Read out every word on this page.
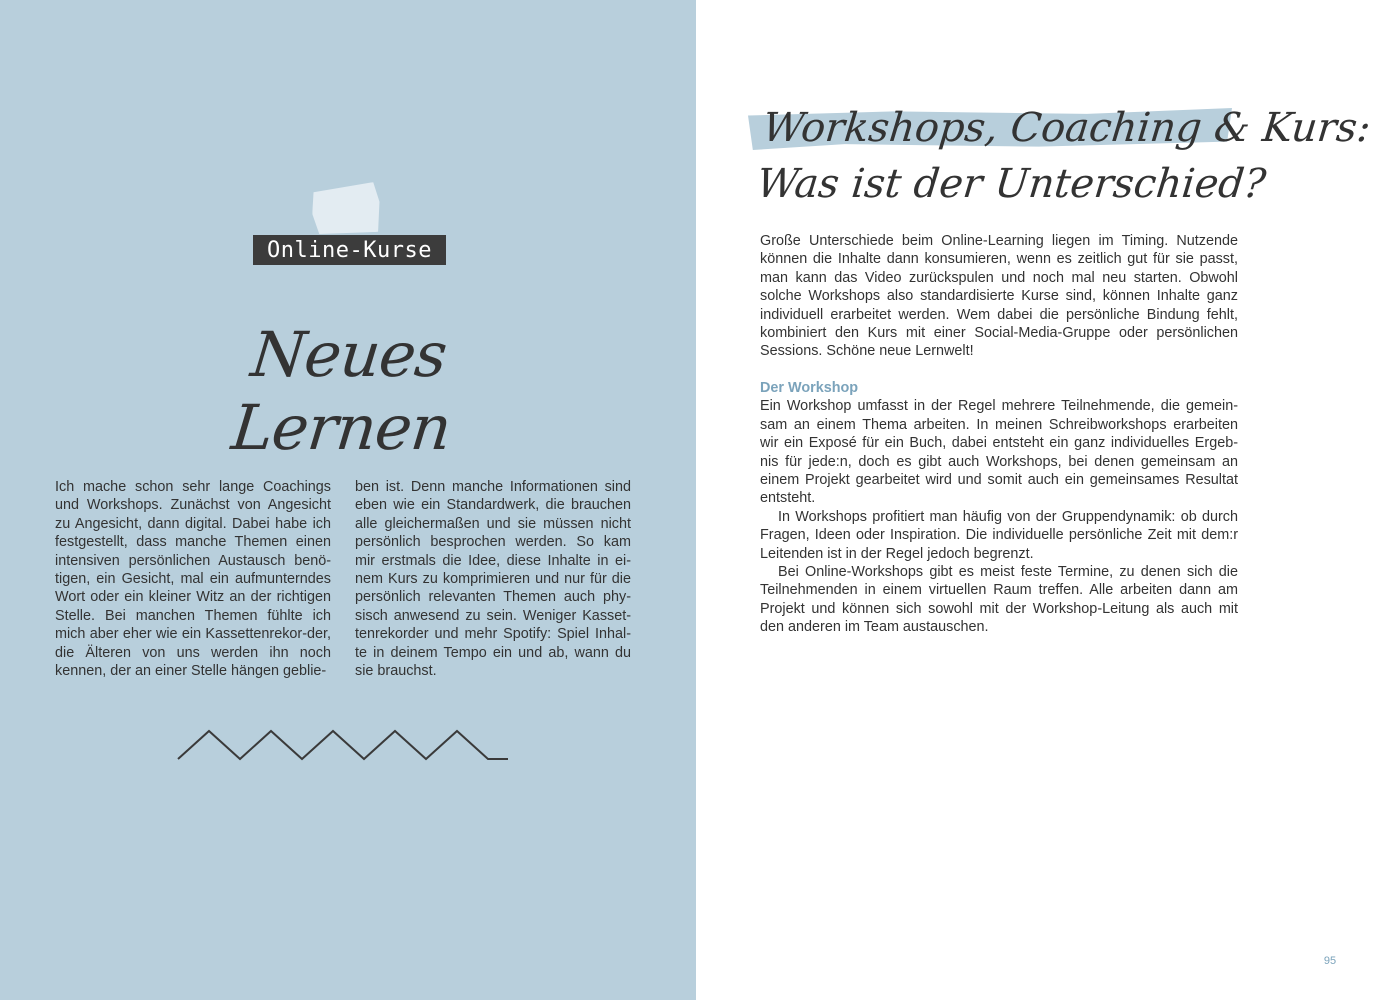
Online-Kurse
Neues Lernen
Ich mache schon sehr lange Coachings und Workshops. Zunächst von Angesicht zu Angesicht, dann digital. Dabei habe ich festgestellt, dass manche Themen einen intensiven persönlichen Austausch benö-tigen, ein Gesicht, mal ein aufmunterndes Wort oder ein kleiner Witz an der richtigen Stelle. Bei manchen Themen fühlte ich mich aber eher wie ein Kassettenrekor-der, die Älteren von uns werden ihn noch kennen, der an einer Stelle hängen geblie-
ben ist. Denn manche Informationen sind eben wie ein Standardwerk, die brauchen alle gleichermaßen und sie müssen nicht persönlich besprochen werden. So kam mir erstmals die Idee, diese Inhalte in ei-nem Kurs zu komprimieren und nur für die persönlich relevanten Themen auch phy-sisch anwesend zu sein. Weniger Kasset-tenrekorder und mehr Spotify: Spiel Inhal-te in deinem Tempo ein und ab, wann du sie brauchst.
Workshops, Coaching & Kurs:
Was ist der Unterschied?
Große Unterschiede beim Online-Learning liegen im Timing. Nutzende können die Inhalte dann konsumieren, wenn es zeitlich gut für sie passt, man kann das Video zurückspulen und noch mal neu starten. Obwohl solche Workshops also standardisierte Kurse sind, können Inhalte ganz individuell erarbeitet werden. Wem dabei die persönliche Bindung fehlt, kombiniert den Kurs mit einer Social-Media-Gruppe oder persönlichen Sessions. Schöne neue Lernwelt!
Der Workshop

Ein Workshop umfasst in der Regel mehrere Teilnehmende, die gemein-sam an einem Thema arbeiten. In meinen Schreibworkshops erarbeiten wir ein Exposé für ein Buch, dabei entsteht ein ganz individuelles Ergeb-nis für jede:n, doch es gibt auch Workshops, bei denen gemeinsam an einem Projekt gearbeitet wird und somit auch ein gemeinsames Resultat entsteht.

In Workshops profitiert man häufig von der Gruppendynamik: ob durch Fragen, Ideen oder Inspiration. Die individuelle persönliche Zeit mit dem:r Leitenden ist in der Regel jedoch begrenzt.

Bei Online-Workshops gibt es meist feste Termine, zu denen sich die Teilnehmenden in einem virtuellen Raum treffen. Alle arbeiten dann am Projekt und können sich sowohl mit der Workshop-Leitung als auch mit den anderen im Team austauschen.

95
